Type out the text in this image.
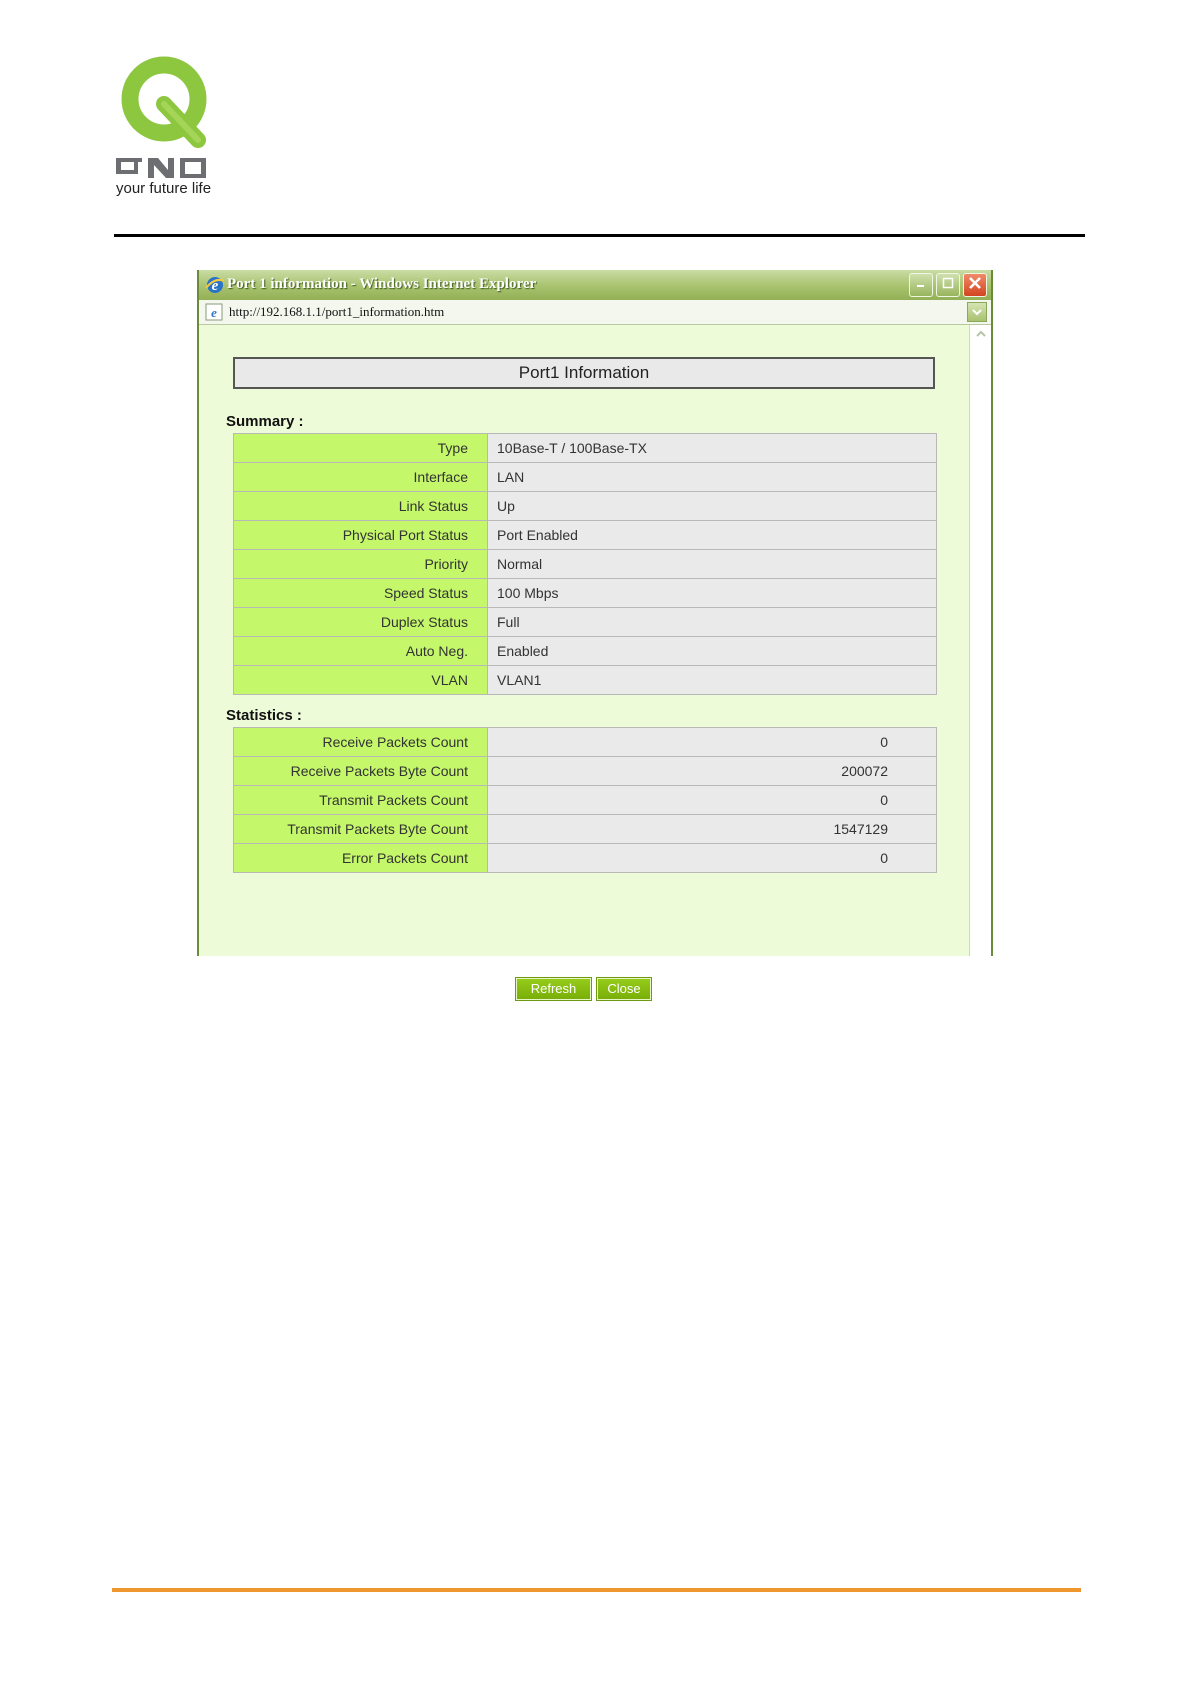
your future life
e Port 1 information - Windows Internet Explorer
e http://192.168.1.1/port1_information.htm
Port1 Information
Summary :
Type	10Base-T / 100Base-TX
Interface	LAN
Link Status	Up
Physical Port Status	Port Enabled
Priority	Normal
Speed Status	100 Mbps
Duplex Status	Full
Auto Neg.	Enabled
VLAN	VLAN1
Statistics :
Receive Packets Count	0
Receive Packets Byte Count	200072
Transmit Packets Count	0
Transmit Packets Byte Count	1547129
Error Packets Count	0
Refresh	Close
